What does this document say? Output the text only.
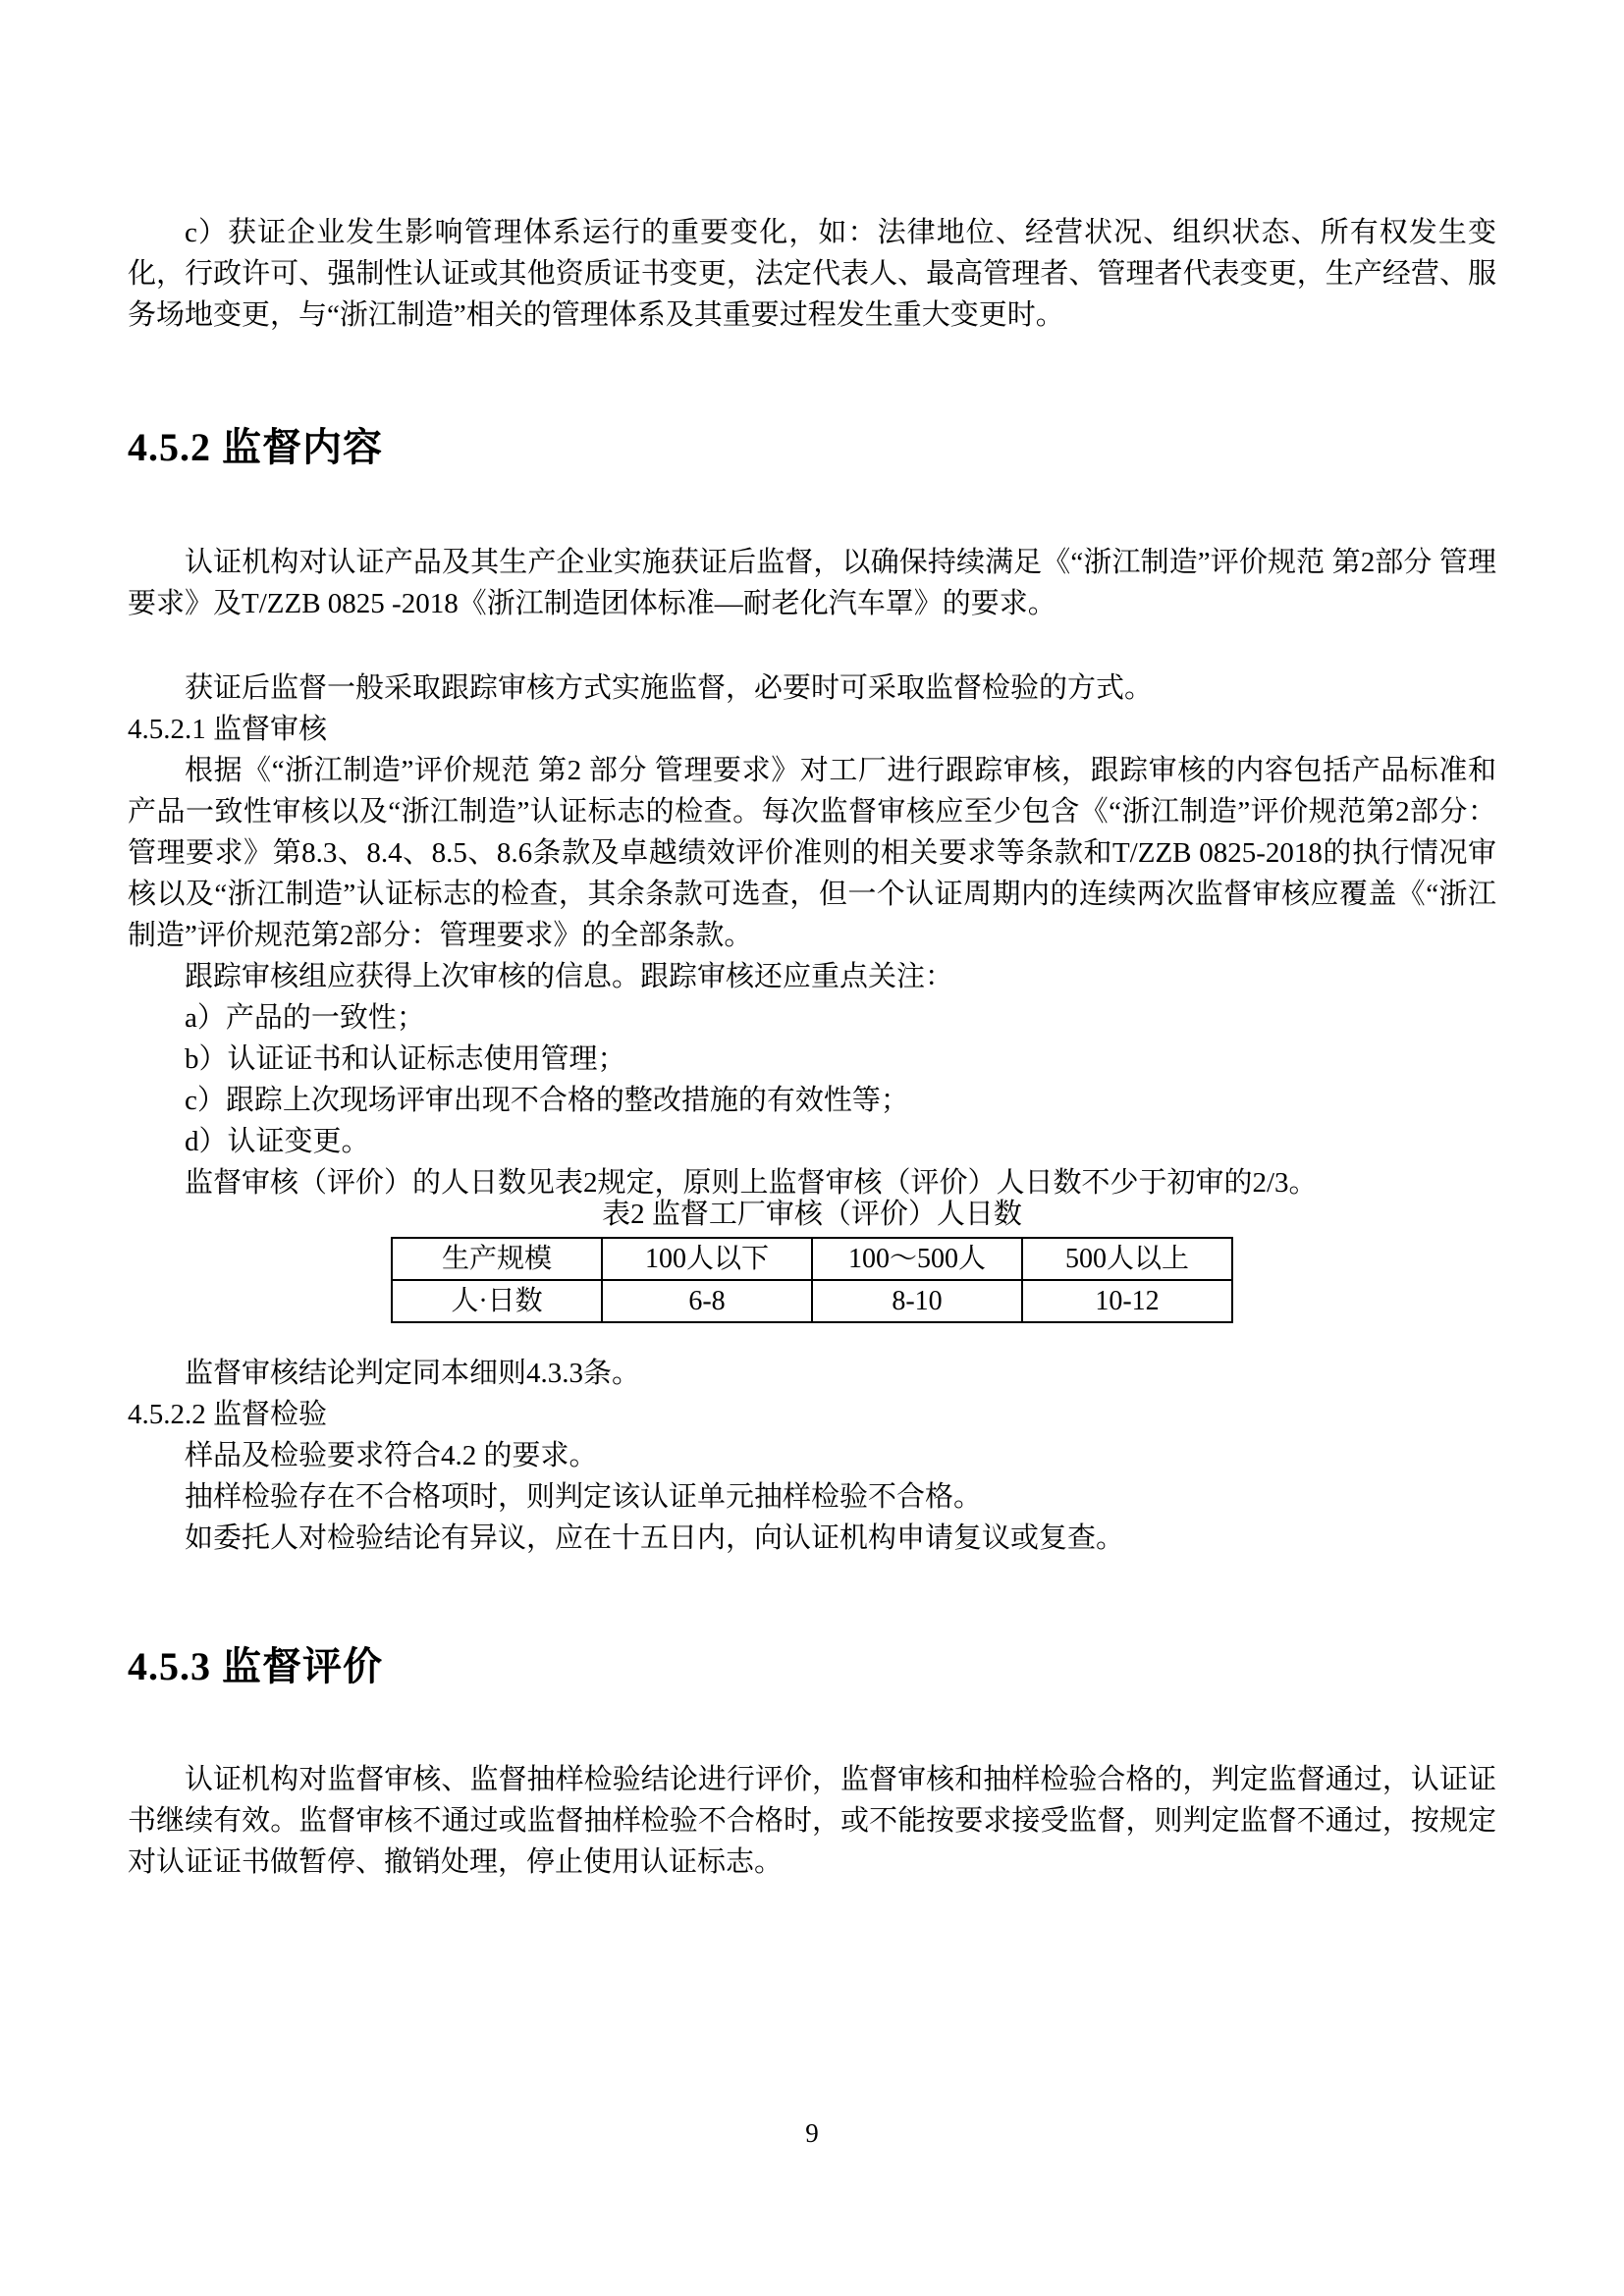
c）获证企业发生影响管理体系运行的重要变化，如：法律地位、经营状况、组织状态、所有权发生变化，行政许可、强制性认证或其他资质证书变更，法定代表人、最高管理者、管理者代表变更，生产经营、服务场地变更，与“浙江制造”相关的管理体系及其重要过程发生重大变更时。

4.5.2 监督内容

认证机构对认证产品及其生产企业实施获证后监督，以确保持续满足《“浙江制造”评价规范 第2部分 管理要求》及T/ZZB 0825 -2018《浙江制造团体标准—耐老化汽车罩》的要求。

获证后监督一般采取跟踪审核方式实施监督，必要时可采取监督检验的方式。

4.5.2.1 监督审核

根据《“浙江制造”评价规范 第2 部分 管理要求》对工厂进行跟踪审核，跟踪审核的内容包括产品标准和产品一致性审核以及“浙江制造”认证标志的检查。每次监督审核应至少包含《“浙江制造”评价规范第2部分：管理要求》第8.3、8.4、8.5、8.6条款及卓越绩效评价准则的相关要求等条款和T/ZZB 0825-2018的执行情况审核以及“浙江制造”认证标志的检查，其余条款可选查，但一个认证周期内的连续两次监督审核应覆盖《“浙江制造”评价规范第2部分：管理要求》的全部条款。

跟踪审核组应获得上次审核的信息。跟踪审核还应重点关注：

a）产品的一致性；

b）认证证书和认证标志使用管理；

c）跟踪上次现场评审出现不合格的整改措施的有效性等；

d）认证变更。

监督审核（评价）的人日数见表2规定，原则上监督审核（评价）人日数不少于初审的2/3。

表2 监督工厂审核（评价）人日数

生产规模	100人以下	100～500人	500人以上
人·日数	6-8	8-10	10-12

监督审核结论判定同本细则4.3.3条。

4.5.2.2 监督检验

样品及检验要求符合4.2 的要求。

抽样检验存在不合格项时，则判定该认证单元抽样检验不合格。

如委托人对检验结论有异议，应在十五日内，向认证机构申请复议或复查。

4.5.3 监督评价

认证机构对监督审核、监督抽样检验结论进行评价，监督审核和抽样检验合格的，判定监督通过，认证证书继续有效。监督审核不通过或监督抽样检验不合格时，或不能按要求接受监督，则判定监督不通过，按规定对认证证书做暂停、撤销处理，停止使用认证标志。

9
